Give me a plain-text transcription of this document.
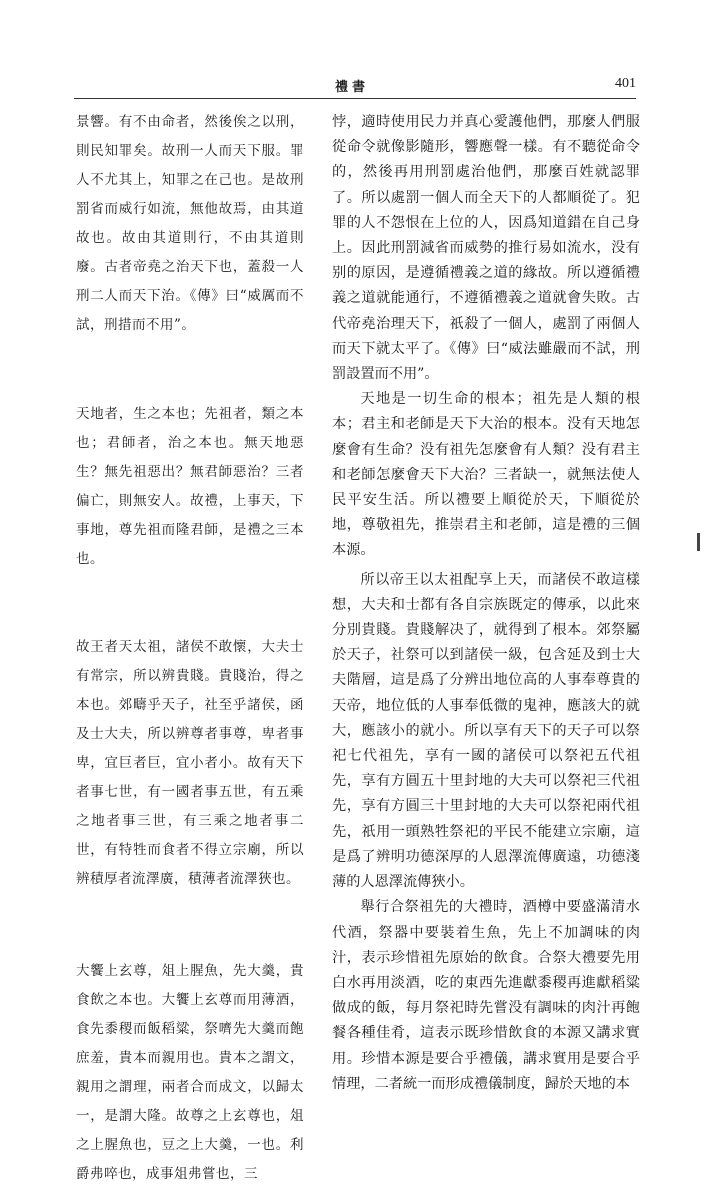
禮書	401

景響。有不由命者，然後俟之以刑，則民知罪矣。故刑一人而天下服。罪人不尤其上，知罪之在己也。是故刑罰省而威行如流，無他故焉，由其道故也。故由其道則行，不由其道則廢。古者帝堯之治天下也，蓋殺一人刑二人而天下治。《傳》曰“威厲而不試，刑措而不用”。

天地者，生之本也；先祖者，類之本也；君師者，治之本也。無天地惡生？無先祖惡出？無君師惡治？三者偏亡，則無安人。故禮，上事天，下事地，尊先祖而隆君師，是禮之三本也。

故王者天太祖，諸侯不敢懷，大夫士有常宗，所以辨貴賤。貴賤治，得之本也。郊疇乎天子，社至乎諸侯，函及士大夫，所以辨尊者事尊，卑者事卑，宜巨者巨，宜小者小。故有天下者事七世，有一國者事五世，有五乘之地者事三世，有三乘之地者事二世，有特牲而食者不得立宗廟，所以辨積厚者流澤廣，積薄者流澤狹也。

大饗上玄尊，俎上腥魚，先大羹，貴食飲之本也。大饗上玄尊而用薄酒，食先黍稷而飯稻粱，祭嚌先大羹而飽庶羞，貴本而親用也。貴本之謂文，親用之謂理，兩者合而成文，以歸太一，是謂大隆。故尊之上玄尊也，俎之上腥魚也，豆之上大羹，一也。利爵弗啐也，成事俎弗嘗也，三

悖，適時使用民力并真心愛護他們，那麼人們服從命令就像影隨形，響應聲一樣。有不聽從命令的，然後再用刑罰處治他們，那麼百姓就認罪了。所以處罰一個人而全天下的人都順從了。犯罪的人不怨恨在上位的人，因爲知道錯在自己身上。因此刑罰減省而威勢的推行易如流水，没有别的原因，是遵循禮義之道的緣故。所以遵循禮義之道就能通行，不遵循禮義之道就會失敗。古代帝堯治理天下，祇殺了一個人，處罰了兩個人而天下就太平了。《傳》曰“威法雖嚴而不試，刑罰設置而不用”。

天地是一切生命的根本；祖先是人類的根本；君主和老師是天下大治的根本。没有天地怎麼會有生命？没有祖先怎麼會有人類？没有君主和老師怎麼會天下大治？三者缺一，就無法使人民平安生活。所以禮要上順從於天，下順從於地，尊敬祖先，推崇君主和老師，這是禮的三個本源。

所以帝王以太祖配享上天，而諸侯不敢這樣想，大夫和士都有各自宗族既定的傳承，以此來分別貴賤。貴賤解决了，就得到了根本。郊祭屬於天子，社祭可以到諸侯一級，包含延及到士大夫階層，這是爲了分辨出地位高的人事奉尊貴的天帝，地位低的人事奉低微的鬼神，應該大的就大，應該小的就小。所以享有天下的天子可以祭祀七代祖先，享有一國的諸侯可以祭祀五代祖先，享有方圓五十里封地的大夫可以祭祀三代祖先，享有方圓三十里封地的大夫可以祭祀兩代祖先，祇用一頭熟牲祭祀的平民不能建立宗廟，這是爲了辨明功德深厚的人恩澤流傳廣遠，功德淺薄的人恩澤流傳狹小。

舉行合祭祖先的大禮時，酒樽中要盛滿清水代酒，祭器中要裝着生魚，先上不加調味的肉汁，表示珍惜祖先原始的飲食。合祭大禮要先用白水再用淡酒，吃的東西先進獻黍稷再進獻稻粱做成的飯，每月祭祀時先嘗没有調味的肉汁再飽餐各種佳肴，這表示既珍惜飲食的本源又講求實用。珍惜本源是要合乎禮儀，講求實用是要合乎情理，二者統一而形成禮儀制度，歸於天地的本
